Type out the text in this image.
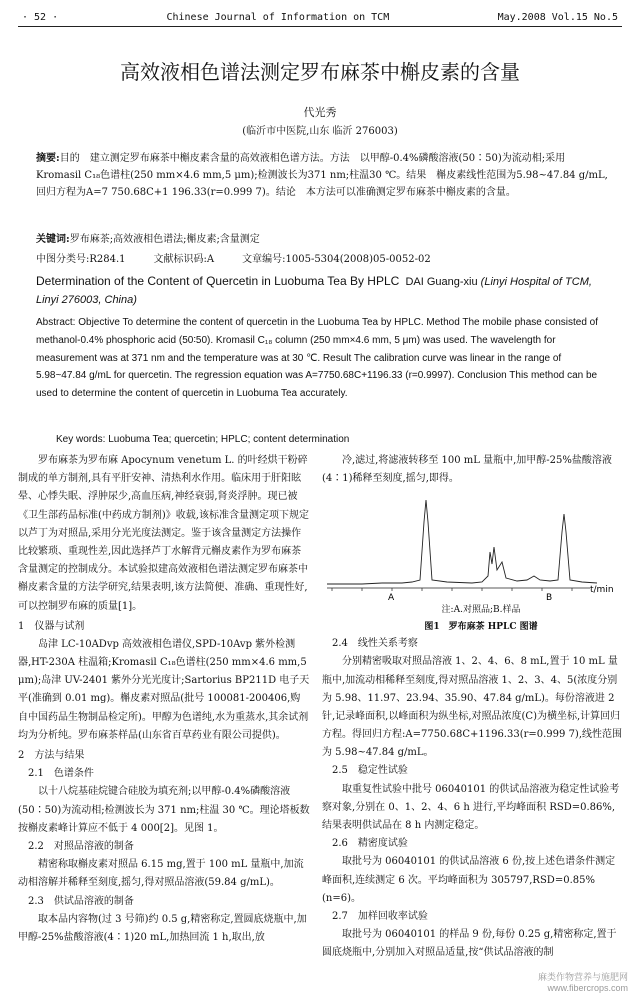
· 52 ·	Chinese Journal of Information on TCM	May.2008 Vol.15 No.5
高效液相色谱法测定罗布麻茶中槲皮素的含量
代光秀
(临沂市中医院,山东 临沂 276003)
摘要:目的　建立测定罗布麻茶中槲皮素含量的高效液相色谱方法。方法　以甲醇-0.4%磷酸溶液(50∶50)为流动相;采用Kromasil C₁₈色谱柱(250 mm×4.6 mm,5 μm);检测波长为371 nm;柱温30 ℃。结果　槲皮素线性范围为5.98~47.84 g/mL,回归方程为A=7 750.68C+1 196.33(r=0.999 7)。结论　本方法可以准确测定罗布麻茶中槲皮素的含量。
关键词:罗布麻茶;高效液相色谱法;槲皮素;含量测定
中图分类号:R284.1	文献标识码:A	文章编号:1005-5304(2008)05-0052-02
Determination of the Content of Quercetin in Luobuma Tea By HPLC DAI Guang-xiu (Linyi Hospital of TCM, Linyi 276003, China)
Abstract: Objective To determine the content of quercetin in the Luobuma Tea by HPLC. Method The mobile phase consisted of methanol-0.4% phosphoric acid (50∶50). Kromasil C₁₈ column (250 mm×4.6 mm, 5 μm) was used. The wavelength for measurement was at 371 nm and the temperature was at 30 ℃. Result The calibration curve was linear in the range of 5.98~47.84 g/mL for quercetin. The regression equation was A=7750.68C+1196.33 (r=0.9997). Conclusion This method can be used to determine the content of quercetin in Luobuma Tea accurately.
Key words: Luobuma Tea; quercetin; HPLC; content determination

罗布麻茶为罗布麻 Apocynum venetum L. 的叶经烘干粉碎制成的单方制剂,具有平肝安神、清热利水作用。临床用于肝阳眩晕、心悸失眠、浮肿尿少,高血压病,神经衰弱,肾炎浮肿。现已被《卫生部药品标准(中药成方制剂)》收载,该标准含量测定项下规定以芦丁为对照品,采用分光光度法测定。鉴于该含量测定方法操作比较繁琐、重现性差,因此选择芦丁水解背元槲皮素作为罗布麻茶含量测定的控制成分。本试验拟建高效液相色谱法测定罗布麻茶中槲皮素含量的方法学研究,结果表明,该方法简便、准确、重现性好,可以控制罗布麻的质量[1]。

1　仪器与试剂

岛津 LC-10ADvp 高效液相色谱仪,SPD-10Avp 紫外检测器,HT-230A 柱温箱;Kromasil C₁₈色谱柱(250 mm×4.6 mm,5 μm);岛津 UV-2401 紫外分光光度计;Sartorius BP211D 电子天平(准确到 0.01 mg)。槲皮素对照品(批号 100081-200406,购自中国药品生物制品检定所)。甲醇为色谱纯,水为重蒸水,其余试剂均为分析纯。罗布麻茶样品(山东省百草药业有限公司提供)。

2　方法与结果

2.1　色谱条件

以十八烷基硅烷键合硅胶为填充剂;以甲醇-0.4%磷酸溶液(50∶50)为流动相;检测波长为 371 nm;柱温 30 ℃。理论塔板数按槲皮素峰计算应不低于 4 000[2]。见图 1。

2.2　对照品溶液的制备

精密称取槲皮素对照品 6.15 mg,置于 100 mL 量瓶中,加流动相溶解并稀释至刻度,摇匀,得对照品溶液(59.84 g/mL)。

2.3　供试品溶液的制备

取本品内容物(过 3 号筛)约 0.5 g,精密称定,置圆底烧瓶中,加甲醇-25%盐酸溶液(4∶1)20 mL,加热回流 1 h,取出,放

冷,滤过,将滤液转移至 100 mL 量瓶中,加甲醇-25%盐酸溶液(4∶1)稀释至刻度,摇匀,即得。

A	B
t/min

注:A.对照品;B.样品

图1　罗布麻茶 HPLC 图谱

2.4　线性关系考察

分别精密吸取对照品溶液 1、2、4、6、8 mL,置于 10 mL 量瓶中,加流动相稀释至刻度,得对照品溶液 1、2、3、4、5(浓度分别为 5.98、11.97、23.94、35.90、47.84 g/mL)。每份溶液进 2 针,记录峰面积,以峰面积为纵坐标,对照品浓度(C)为横坐标,计算回归方程。得回归方程:A=7750.68C+1196.33(r=0.999 7),线性范围为 5.98~47.84 g/mL。

2.5　稳定性试验

取重复性试验中批号 06040101 的供试品溶液为稳定性试验考察对象,分别在 0、1、2、4、6 h 进行,平均峰面积 RSD=0.86%,结果表明供试品在 8 h 内测定稳定。

2.6　精密度试验

取批号为 06040101 的供试品溶液 6 份,按上述色谱条件测定峰面积,连续测定 6 次。平均峰面积为 305797,RSD=0.85%(n=6)。

2.7　加样回收率试验

取批号为 06040101 的样品 9 份,每份 0.25 g,精密称定,置于圆底烧瓶中,分别加入对照品适量,按“供试品溶液的制

麻类作物营养与施肥网
www.fibercrops.com
